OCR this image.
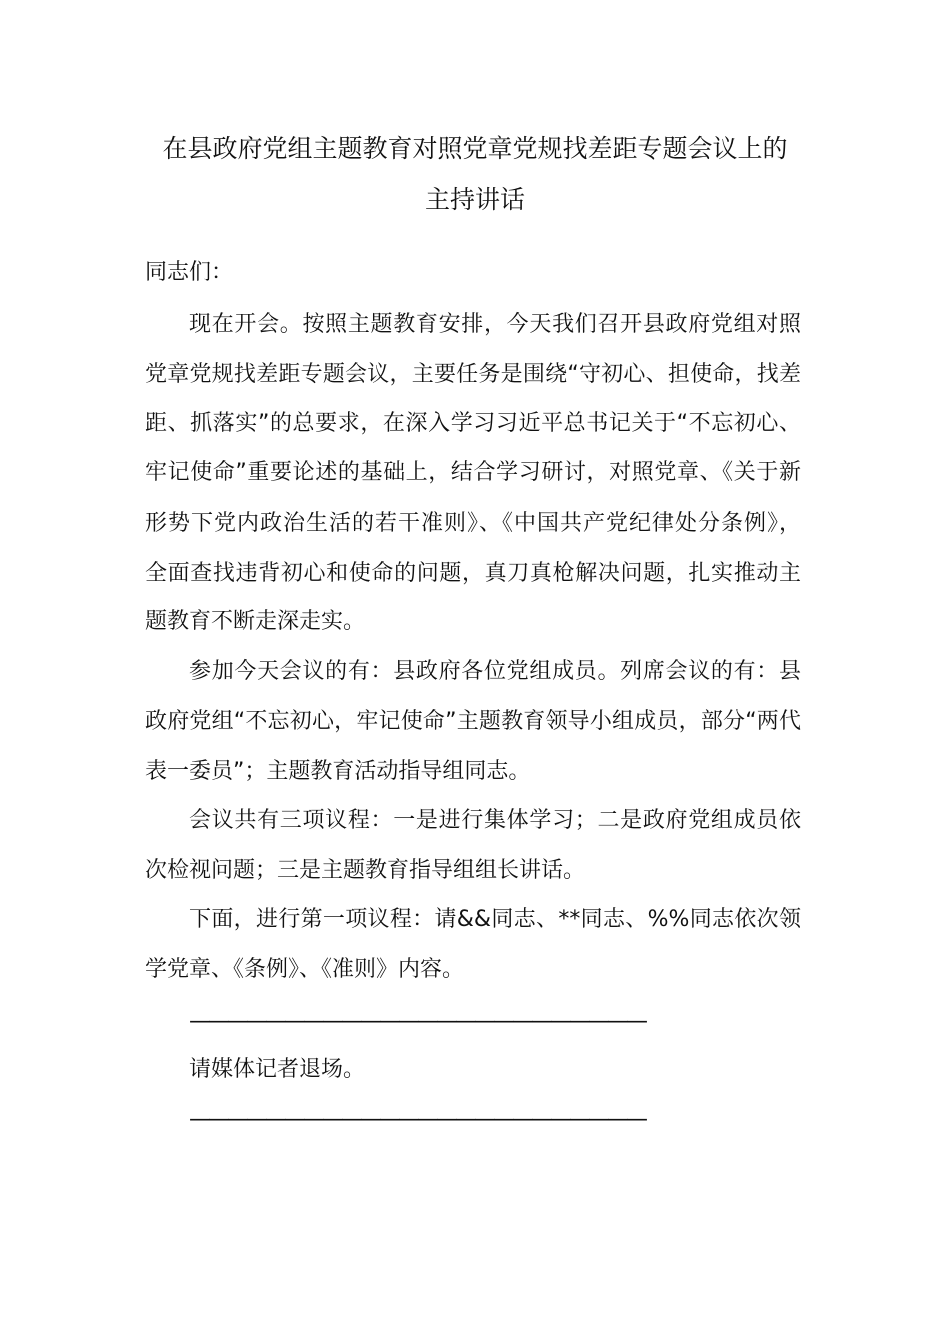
在县政府党组主题教育对照党章党规找差距专题会议上的
主持讲话
同志们：
现在开会。按照主题教育安排，今天我们召开县政府党组对照
党章党规找差距专题会议，主要任务是围绕“守初心、担使命，找差
距、抓落实”的总要求，在深入学习习近平总书记关于“不忘初心、
牢记使命”重要论述的基础上，结合学习研讨，对照党章、《关于新
形势下党内政治生活的若干准则》、《中国共产党纪律处分条例》，
全面查找违背初心和使命的问题，真刀真枪解决问题，扎实推动主
题教育不断走深走实。
参加今天会议的有：县政府各位党组成员。列席会议的有：县
政府党组“不忘初心，牢记使命”主题教育领导小组成员，部分“两代
表一委员”；主题教育活动指导组同志。
会议共有三项议程：一是进行集体学习；二是政府党组成员依
次检视问题；三是主题教育指导组组长讲话。
下面，进行第一项议程：请&&同志、**同志、%%同志依次领
学党章、《条例》、《准则》内容。
————————————————————————
请媒体记者退场。
————————————————————————
